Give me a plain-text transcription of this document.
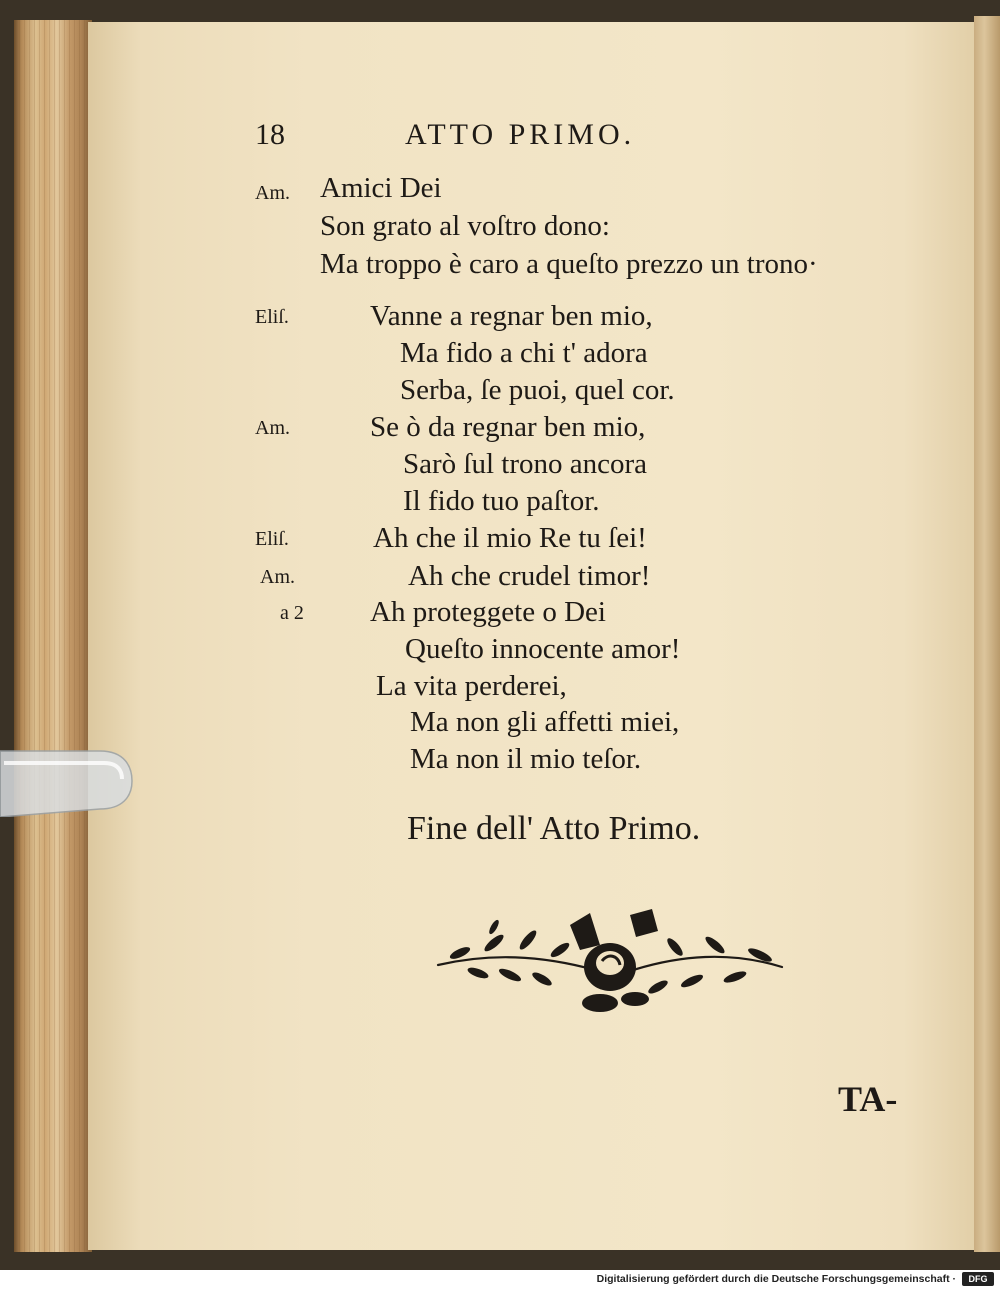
18	ATTO PRIMO.
Am.
Eliſ.
Am.
Eliſ.
Am.
a 2
Amici Dei
Son grato al voſtro dono:
Ma troppo è caro a queſto prezzo un trono·
Vanne a regnar ben mio,
Ma fido a chi t' adora
Serba, ſe puoi, quel cor.
Se ò da regnar ben mio,
Sarò ſul trono ancora
Il fido tuo paſtor.
Ah che il mio Re tu ſei!
Ah che crudel timor!
Ah proteggete o Dei
Queſto innocente amor!
La vita perderei,
Ma non gli affetti miei,
Ma non il mio teſor.
Fine dell' Atto Primo.
TA-
Digitalisierung gefördert durch die Deutsche Forschungsgemeinschaft ·	DFG
